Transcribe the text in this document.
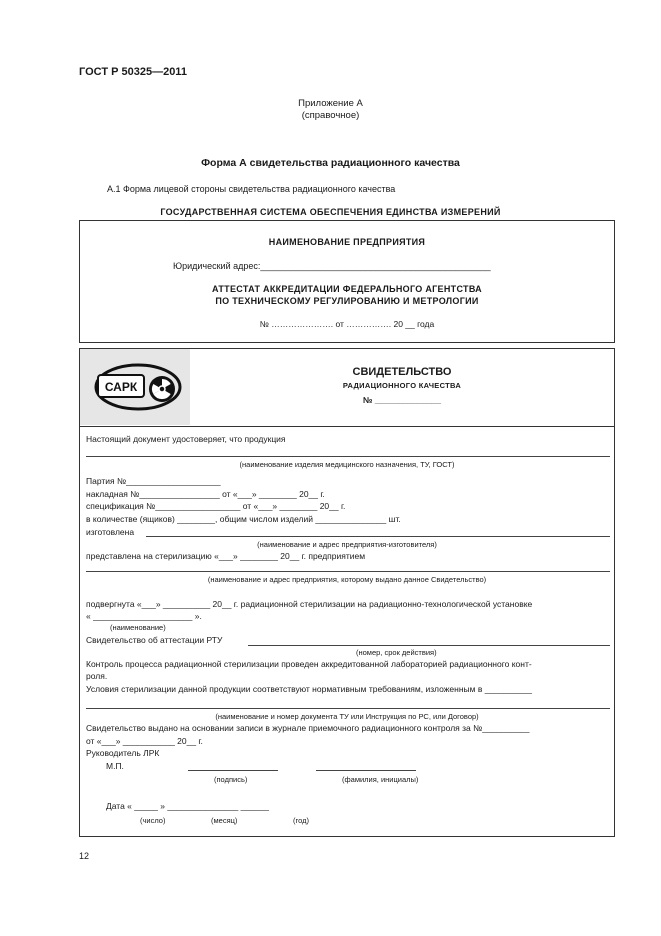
ГОСТ Р 50325—2011
Приложение А
(справочное)
Форма А свидетельства радиационного качества
А.1 Форма лицевой стороны свидетельства радиационного качества
ГОСУДАРСТВЕННАЯ СИСТЕМА ОБЕСПЕЧЕНИЯ ЕДИНСТВА ИЗМЕРЕНИЙ
НАИМЕНОВАНИЕ ПРЕДПРИЯТИЯ
Юридический адрес:______________________________________________
АТТЕСТАТ АККРЕДИТАЦИИ ФЕДЕРАЛЬНОГО АГЕНТСТВА
ПО ТЕХНИЧЕСКОМУ РЕГУЛИРОВАНИЮ И МЕТРОЛОГИИ
№ …………………. от ……………. 20 __ года
САРК
СВИДЕТЕЛЬСТВО
РАДИАЦИОННОГО КАЧЕСТВА
№ ______________
Настоящий документ удостоверяет, что продукция
(наименование изделия медицинского назначения, ТУ, ГОСТ)
Партия №____________________
накладная №_________________ от «___» ________ 20__ г.
спецификация №__________________ от «___» ________ 20__ г.
в количестве (ящиков) ________, общим числом изделий _______________ шт.
изготовлена
(наименование и адрес предприятия-изготовителя)
представлена на стерилизацию «___» ________ 20__ г. предприятием
(наименование и адрес предприятия, которому выдано данное Свидетельство)
подвергнута «___» __________ 20__ г. радиационной стерилизации на радиационно-технологической установке
« _____________________ ».
(наименование)
Свидетельство об аттестации РТУ
(номер, срок действия)
Контроль процесса радиационной стерилизации проведен аккредитованной лабораторией радиационного конт-
роля.
Условия стерилизации данной продукции соответствуют нормативным требованиям, изложенным в __________
(наименование и номер документа ТУ или Инструкция по РС, или Договор)
Свидетельство выдано на основании записи в журнале приемочного радиационного контроля за №__________
от «___» ___________ 20__ г.
Руководитель ЛРК
М.П.
(подпись)	(фамилия, инициалы)
Дата « _____ » _______________ ______
(число)	(месяц)	(год)
12
